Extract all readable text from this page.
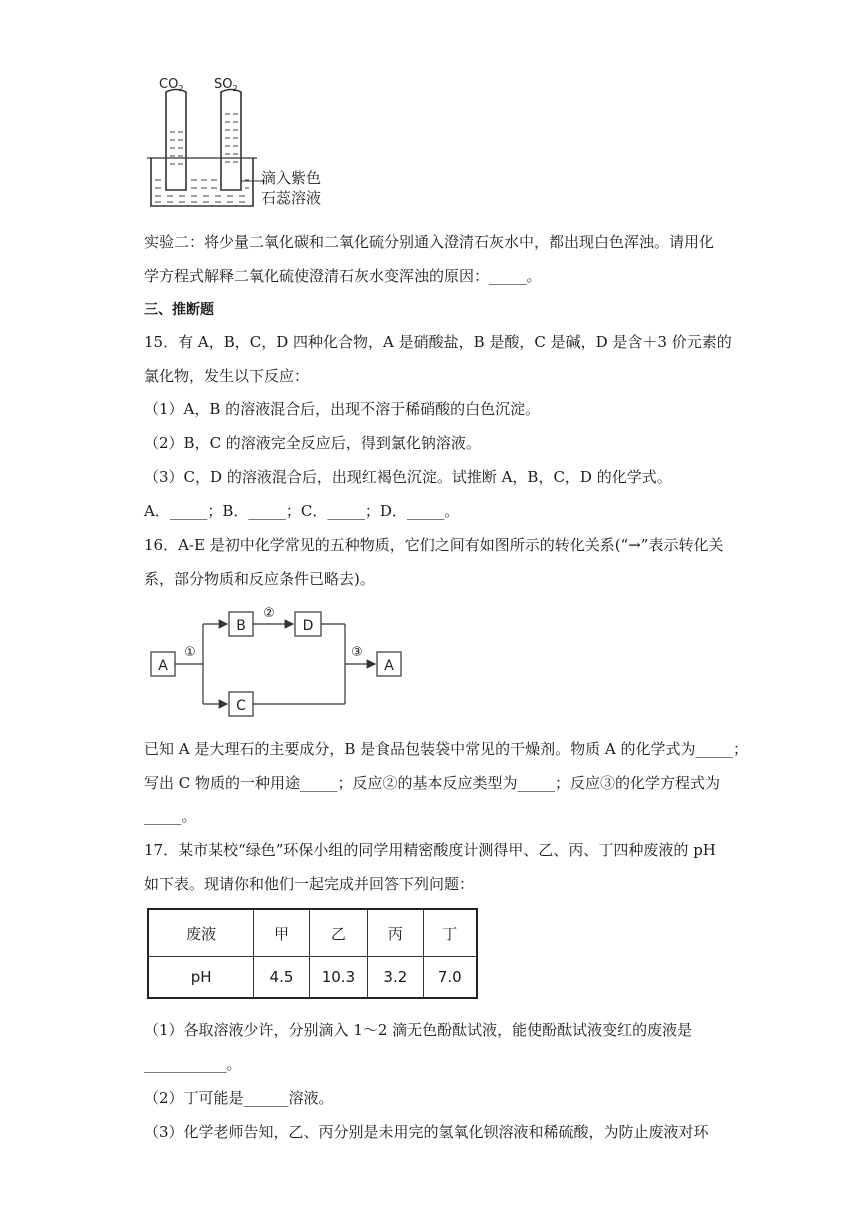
$CO_2$ $SO_2$
滴入紫色
石蕊溶液
实验二：将少量二氧化碳和二氧化硫分别通入澄清石灰水中，都出现白色浑浊。请用化
学方程式解释二氧化硫使澄清石灰水变浑浊的原因：_____。
三、推断题
15．有 A，B，C，D 四种化合物，A 是硝酸盐，B 是酸，C 是碱，D 是含＋3 价元素的
氯化物，发生以下反应：
（1）A，B 的溶液混合后，出现不溶于稀硝酸的白色沉淀。
（2）B，C 的溶液完全反应后，得到氯化钠溶液。
（3）C，D 的溶液混合后，出现红褐色沉淀。试推断 A，B，C，D 的化学式。
A．_____；B．_____；C．_____；D．_____。
16．A-E 是初中化学常见的五种物质，它们之间有如图所示的转化关系(“→”表示转化关
系，部分物质和反应条件已略去)。
A
①
B
②
D
C
③
A
已知 A 是大理石的主要成分，B 是食品包装袋中常见的干燥剂。物质 A 的化学式为_____；
写出 C 物质的一种用途_____；反应②的基本反应类型为_____；反应③的化学方程式为
_____。
17．某市某校“绿色”环保小组的同学用精密酸度计测得甲、乙、丙、丁四种废液的 pH
如下表。现请你和他们一起完成并回答下列问题：
废液	甲	乙	丙	丁
pH	4.5	10.3	3.2	7.0
（1）各取溶液少许，分别滴入 1～2 滴无色酚酞试液，能使酚酞试液变红的废液是
___________。
（2）丁可能是______溶液。
（3）化学老师告知，乙、丙分别是未用完的氢氧化钡溶液和稀硫酸，为防止废液对环
